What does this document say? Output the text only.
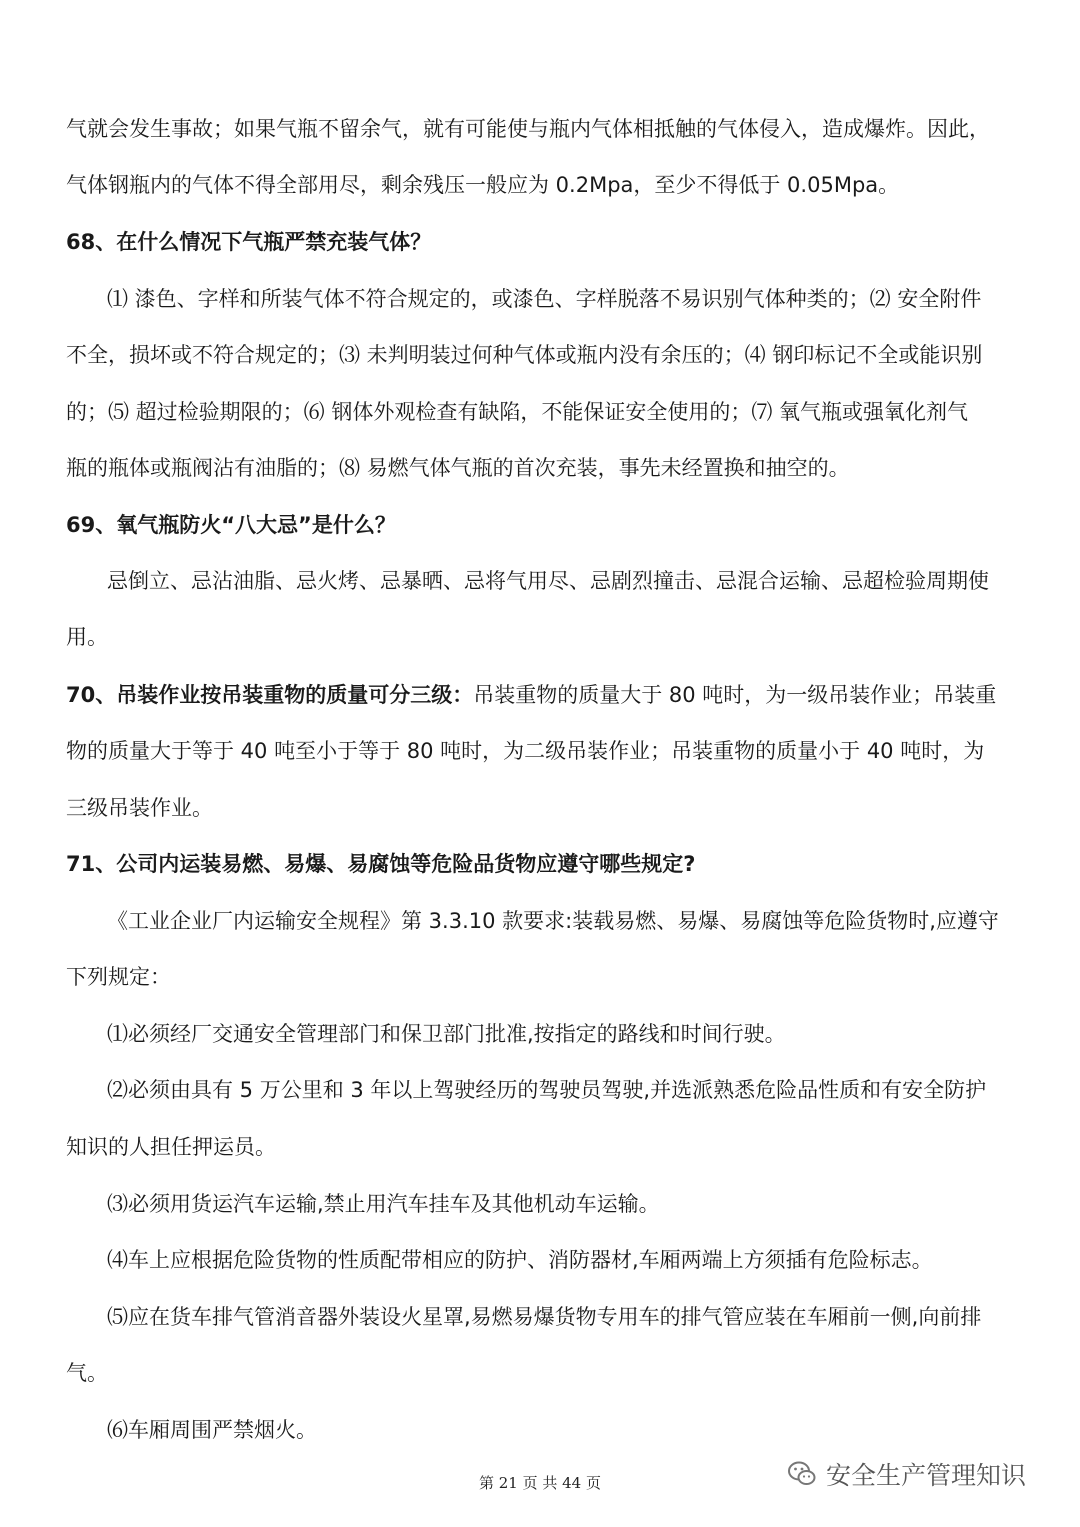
气就会发生事故；如果气瓶不留余气，就有可能使与瓶内气体相抵触的气体侵入，造成爆炸。因此，
气体钢瓶内的气体不得全部用尽，剩余残压一般应为 0.2Mpa，至少不得低于 0.05Mpa。
68、在什么情况下气瓶严禁充装气体？
⑴ 漆色、字样和所装气体不符合规定的，或漆色、字样脱落不易识别气体种类的；⑵ 安全附件
不全，损坏或不符合规定的；⑶ 未判明装过何种气体或瓶内没有余压的；⑷ 钢印标记不全或能识别
的；⑸ 超过检验期限的；⑹ 钢体外观检查有缺陷，不能保证安全使用的；⑺ 氧气瓶或强氧化剂气
瓶的瓶体或瓶阀沾有油脂的；⑻ 易燃气体气瓶的首次充装，事先未经置换和抽空的。
69、氧气瓶防火“八大忌”是什么？
忌倒立、忌沾油脂、忌火烤、忌暴晒、忌将气用尽、忌剧烈撞击、忌混合运输、忌超检验周期使
用。
70、吊装作业按吊装重物的质量可分三级：吊装重物的质量大于 80 吨时，为一级吊装作业；吊装重
物的质量大于等于 40 吨至小于等于 80 吨时，为二级吊装作业；吊装重物的质量小于 40 吨时，为
三级吊装作业。
71、公司内运装易燃、易爆、易腐蚀等危险品货物应遵守哪些规定?
《工业企业厂内运输安全规程》第 3.3.10 款要求:装载易燃、易爆、易腐蚀等危险货物时,应遵守
下列规定：
⑴必须经厂交通安全管理部门和保卫部门批准,按指定的路线和时间行驶。
⑵必须由具有 5 万公里和 3 年以上驾驶经历的驾驶员驾驶,并选派熟悉危险品性质和有安全防护
知识的人担任押运员。
⑶必须用货运汽车运输,禁止用汽车挂车及其他机动车运输。
⑷车上应根据危险货物的性质配带相应的防护、消防器材,车厢两端上方须插有危险标志。
⑸应在货车排气管消音器外装设火星罩,易燃易爆货物专用车的排气管应装在车厢前一侧,向前排
气。
⑹车厢周围严禁烟火。
第 21 页 共 44 页	安全生产管理知识
